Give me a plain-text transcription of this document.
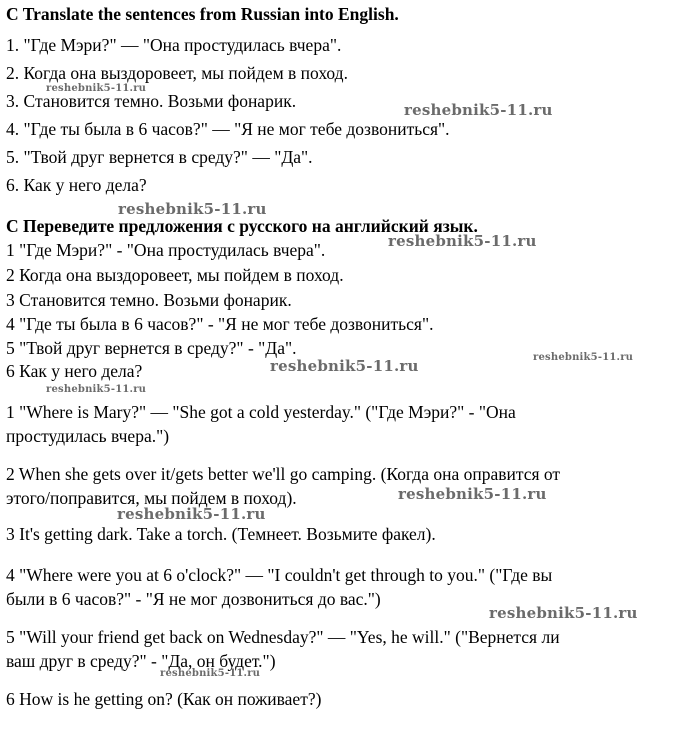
C Translate the sentences from Russian into English.
1. "Где Мэри?" — "Она простудилась вчера".
2. Когда она выздоровеет, мы пойдем в поход.
3. Становится темно. Возьми фонарик.
4. "Где ты была в 6 часов?" — "Я не мог тебе дозвониться".
5. "Твой друг вернется в среду?" — "Да".
6. Как у него дела?
С Переведите предложения с русского на английский язык.
1 "Где Мэри?" - "Она простудилась вчера".
2 Когда она выздоровеет, мы пойдем в поход.
3 Становится темно. Возьми фонарик.
4 "Где ты была в 6 часов?" - "Я не мог тебе дозвониться".
5 "Твой друг вернется в среду?" - "Да".
6 Как у него дела?
1 "Where is Mary?" — "She got a cold yesterday." ("Где Мэри?" - "Она
простудилась вчера.")
2 When she gets over it/gets better we'll go camping. (Когда она оправится от
этого/поправится, мы пойдем в поход).
3 It's getting dark. Take a torch. (Темнеет. Возьмите факел).
4 "Where were you at 6 o'clock?" — "I couldn't get through to you." ("Где вы
были в 6 часов?" - "Я не мог дозвониться до вас.")
5 "Will your friend get back on Wednesday?" — "Yes, he will." ("Вернется ли
ваш друг в среду?" - "Да, он будет.")
6 How is he getting on? (Как он поживает?)
reshebnik5-11.ru
reshebnik5-11.ru
reshebnik5-11.ru
reshebnik5-11.ru
reshebnik5-11.ru
reshebnik5-11.ru
reshebnik5-11.ru
reshebnik5-11.ru
reshebnik5-11.ru
reshebnik5-11.ru
reshebnik5-11.ru
